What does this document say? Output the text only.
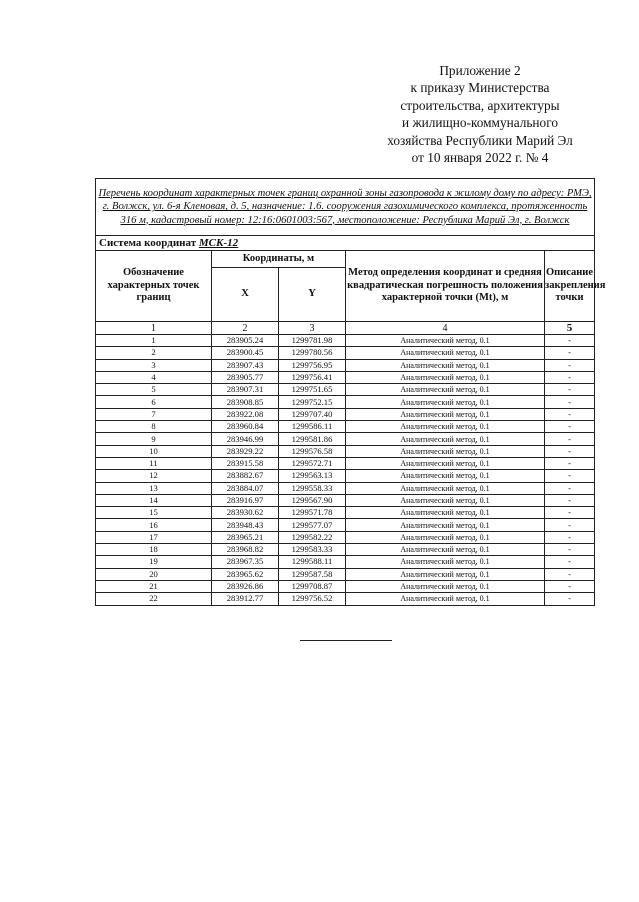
Приложение 2
к приказу Министерства
строительства, архитектуры
и жилищно-коммунального
хозяйства Республики Марий Эл
от 10 января 2022 г. № 4
Перечень координат характерных точек границ охранной зоны газопровода к жилому дому по адресу: РМЭ, г. Волжск, ул. 6-я Кленовая, д. 5, назначение: 1.6. сооружения газохимического комплекса, протяженность 316 м, кадастровый номер: 12:16:0601003:567, местоположение: Республика Марий Эл, г. Волжск				
Система координат МСК-12				
Обозначение характерных точек границ	Координаты, м		Метод определения координат и средняя квадратическая погрешность положения характерной точки (Mt), м	Описание закрепления точки
	X	Y		
1	2	3	4	5
1	283905.24	1299781.98	Аналитический метод, 0.1	-
2	283900.45	1299780.56	Аналитический метод, 0.1	-
3	283907.43	1299756.95	Аналитический метод, 0.1	-
4	283905.77	1299756.41	Аналитический метод, 0.1	-
5	283907.31	1299751.65	Аналитический метод, 0.1	-
6	283908.85	1299752.15	Аналитический метод, 0.1	-
7	283922.08	1299707.40	Аналитический метод, 0.1	-
8	283960.84	1299586.11	Аналитический метод, 0.1	-
9	283946.99	1299581.86	Аналитический метод, 0.1	-
10	283929.22	1299576.58	Аналитический метод, 0.1	-
11	283915.58	1299572.71	Аналитический метод, 0.1	-
12	283882.67	1299563.13	Аналитический метод, 0.1	-
13	283884.07	1299558.33	Аналитический метод, 0.1	-
14	283916.97	1299567.90	Аналитический метод, 0.1	-
15	283930.62	1299571.78	Аналитический метод, 0.1	-
16	283948.43	1299577.07	Аналитический метод, 0.1	-
17	283965.21	1299582.22	Аналитический метод, 0.1	-
18	283968.82	1299583.33	Аналитический метод, 0.1	-
19	283967.35	1299588.11	Аналитический метод, 0.1	-
20	283965.62	1299587.58	Аналитический метод, 0.1	-
21	283926.86	1299708.87	Аналитический метод, 0.1	-
22	283912.77	1299756.52	Аналитический метод, 0.1	-
